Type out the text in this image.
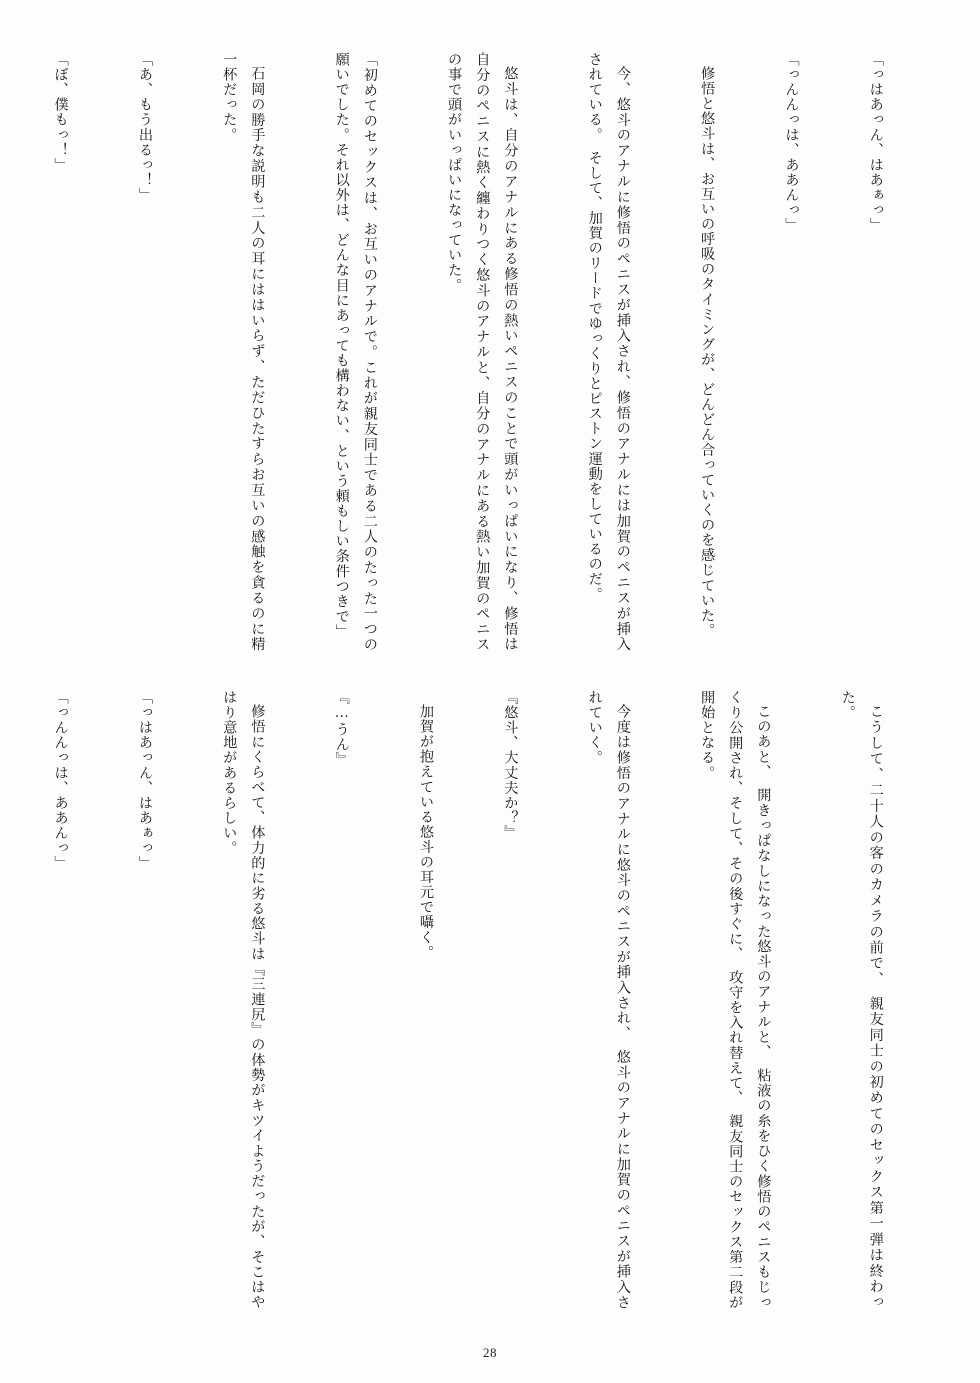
「っはあっん、はあぁっ」

「っんんっは、ああんっ」

修悟と悠斗は、お互いの呼吸のタイミングが、どんどん合っていくのを感じていた。

今、悠斗のアナルに修悟のペニスが挿入され、修悟のアナルには加賀のペニスが挿入されている。　そして、加賀のリードでゆっくりとピストン運動をしているのだ。

悠斗は、自分のアナルにある修悟の熱いペニスのことで頭がいっぱいになり、修悟は自分のペニスに熱く纏わりつく悠斗のアナルと、自分のアナルにある熱い加賀のペニスの事で頭がいっぱいになっていた。

「初めてのセックスは、お互いのアナルで。これが親友同士である二人のたった一つの願いでした。それ以外は、どんな目にあっても構わない、という頼もしい条件つきで」

石岡の勝手な説明も二人の耳にははいらず、ただひたすらお互いの感触を貪るのに精一杯だった。

「あ、もう出るっ！」

「ぼ、僕もっ！」

こうして、二十人の客のカメラの前で、　親友同士の初めてのセックス第一弾は終わった。

このあと、　開きっぱなしになった悠斗のアナルと、　粘液の糸をひく修悟のペニスもじっくり公開され、そして、その後すぐに、　攻守を入れ替えて、　親友同士のセックス第二段が開始となる。

今度は修悟のアナルに悠斗のペニスが挿入され、　悠斗のアナルに加賀のペニスが挿入されていく。

『悠斗、大丈夫か？』

加賀が抱えている悠斗の耳元で囁く。

『…うん』

修悟にくらべて、体力的に劣る悠斗は『三連尻』の体勢がキツイようだったが、そこはやはり意地があるらしい。

「っはあっん、はあぁっ」

「っんんっは、ああんっ」

28
